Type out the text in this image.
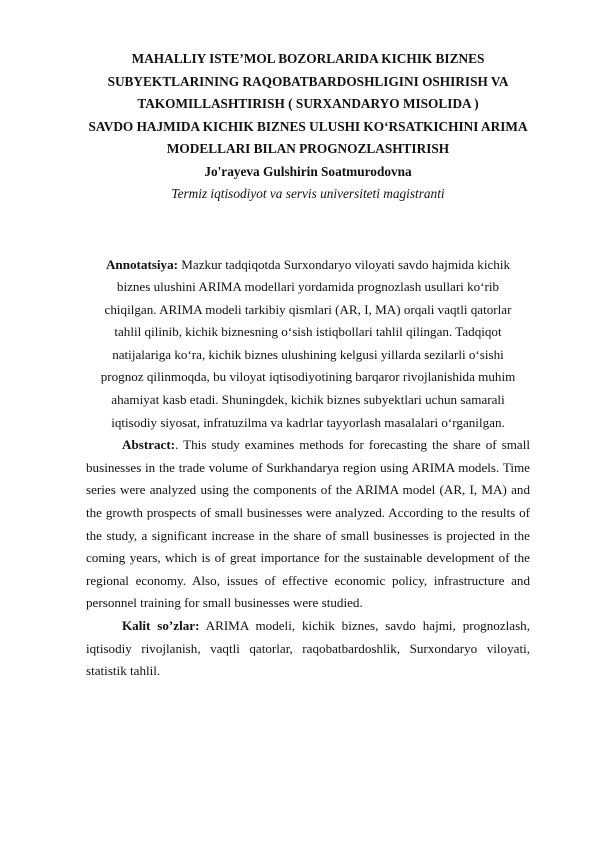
MAHALLIY ISTE’MOL BOZORLARIDA KICHIK BIZNES
SUBYEKTLARINING RAQOBATBARDOSHLIGINI OSHIRISH VA
TAKOMILLASHTIRISH ( SURXANDARYO MISOLIDA )
SAVDO HAJMIDA KICHIK BIZNES ULUSHI KOʻRSATKICHINI ARIMA
MODELLARI BILAN PROGNOZLASHTIRISH

Jo'rayeva Gulshirin Soatmurodovna

Termiz iqtisodiyot va servis universiteti magistranti

Annotatsiya: Mazkur tadqiqotda Surxondaryo viloyati savdo hajmida kichik
biznes ulushini ARIMA modellari yordamida prognozlash usullari koʻrib
chiqilgan. ARIMA modeli tarkibiy qismlari (AR, I, MA) orqali vaqtli qatorlar
tahlil qilinib, kichik biznesning oʻsish istiqbollari tahlil qilingan. Tadqiqot
natijalariga koʻra, kichik biznes ulushining kelgusi yillarda sezilarli oʻsishi
prognoz qilinmoqda, bu viloyat iqtisodiyotining barqaror rivojlanishida muhim
ahamiyat kasb etadi. Shuningdek, kichik biznes subyektlari uchun samarali
iqtisodiy siyosat, infratuzilma va kadrlar tayyorlash masalalari oʻrganilgan.

Abstract:. This study examines methods for forecasting the share of small businesses in the trade volume of Surkhandarya region using ARIMA models. Time series were analyzed using the components of the ARIMA model (AR, I, MA) and the growth prospects of small businesses were analyzed. According to the results of the study, a significant increase in the share of small businesses is projected in the coming years, which is of great importance for the sustainable development of the regional economy. Also, issues of effective economic policy, infrastructure and personnel training for small businesses were studied.

Kalit so’zlar: ARIMA modeli, kichik biznes, savdo hajmi, prognozlash, iqtisodiy rivojlanish, vaqtli qatorlar, raqobatbardoshlik, Surxondaryo viloyati, statistik tahlil.
